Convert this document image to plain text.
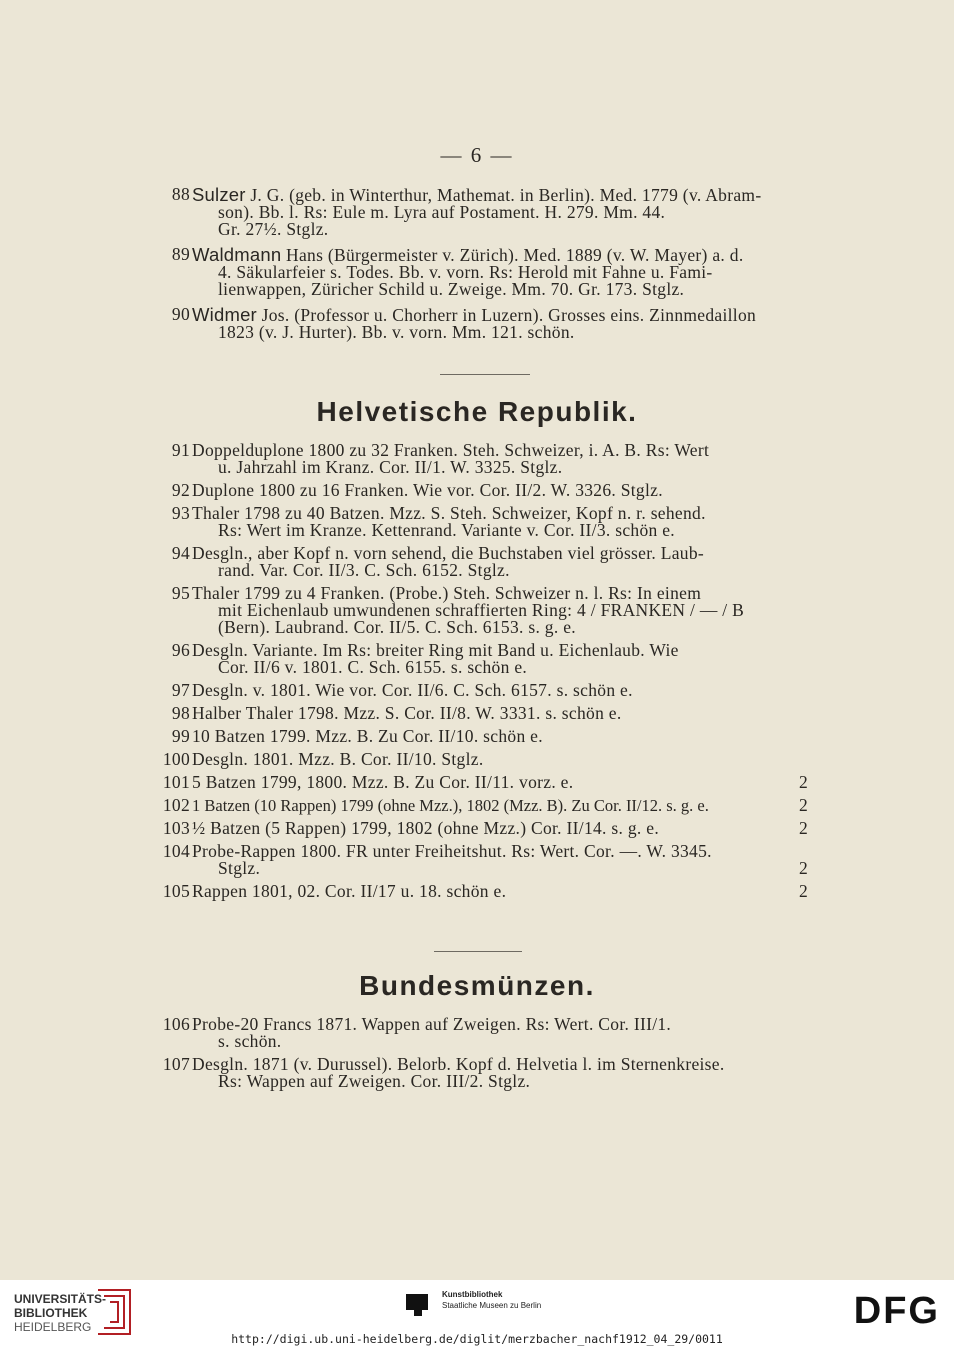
— 6 —
88 Sulzer J. G. (geb. in Winterthur, Mathemat. in Berlin). Med. 1779 (v. Abram-
son). Bb. l. Rs: Eule m. Lyra auf Postament. H. 279. Mm. 44.
Gr. 27½. Stglz.
89 Waldmann Hans (Bürgermeister v. Zürich). Med. 1889 (v. W. Mayer) a. d.
4. Säkularfeier s. Todes. Bb. v. vorn. Rs: Herold mit Fahne u. Fami-
lienwappen, Züricher Schild u. Zweige. Mm. 70. Gr. 173. Stglz.
90 Widmer Jos. (Professor u. Chorherr in Luzern). Grosses eins. Zinnmedaillon
1823 (v. J. Hurter). Bb. v. vorn. Mm. 121. schön.
Helvetische Republik.
91 Doppelduplone 1800 zu 32 Franken. Steh. Schweizer, i. A. B. Rs: Wert
u. Jahrzahl im Kranz. Cor. II/1. W. 3325. Stglz.
92 Duplone 1800 zu 16 Franken. Wie vor. Cor. II/2. W. 3326. Stglz.
93 Thaler 1798 zu 40 Batzen. Mzz. S. Steh. Schweizer, Kopf n. r. sehend.
Rs: Wert im Kranze. Kettenrand. Variante v. Cor. II/3. schön e.
94 Desgln., aber Kopf n. vorn sehend, die Buchstaben viel grösser. Laub-
rand. Var. Cor. II/3. C. Sch. 6152. Stglz.
95 Thaler 1799 zu 4 Franken. (Probe.) Steh. Schweizer n. l. Rs: In einem
mit Eichenlaub umwundenen schraffierten Ring: 4 / FRANKEN / — / B
(Bern). Laubrand. Cor. II/5. C. Sch. 6153. s. g. e.
96 Desgln. Variante. Im Rs: breiter Ring mit Band u. Eichenlaub. Wie
Cor. II/6 v. 1801. C. Sch. 6155. s. schön e.
97 Desgln. v. 1801. Wie vor. Cor. II/6. C. Sch. 6157. s. schön e.
98 Halber Thaler 1798. Mzz. S. Cor. II/8. W. 3331. s. schön e.
99 10 Batzen 1799. Mzz. B. Zu Cor. II/10. schön e.
100 Desgln. 1801. Mzz. B. Cor. II/10. Stglz.
101 5 Batzen 1799, 1800. Mzz. B. Zu Cor. II/11. vorz. e.	2
102 1 Batzen (10 Rappen) 1799 (ohne Mzz.), 1802 (Mzz. B). Zu Cor. II/12. s. g. e.	2
103 ½ Batzen (5 Rappen) 1799, 1802 (ohne Mzz.) Cor. II/14. s. g. e.	2
104 Probe-Rappen 1800. FR unter Freiheitshut. Rs: Wert. Cor. —. W. 3345.
Stglz.	2
105 Rappen 1801, 02. Cor. II/17 u. 18. schön e.	2
Bundesmünzen.
106 Probe-20 Francs 1871. Wappen auf Zweigen. Rs: Wert. Cor. III/1.
s. schön.
107 Desgln. 1871 (v. Durussel). Belorb. Kopf d. Helvetia l. im Sternenkreise.
Rs: Wappen auf Zweigen. Cor. III/2. Stglz.
UNIVERSITÄTS-
BIBLIOTHEK
HEIDELBERG
Kunstbibliothek
Staatliche Museen zu Berlin	DFG
http://digi.ub.uni-heidelberg.de/diglit/merzbacher_nachf1912_04_29/0011
